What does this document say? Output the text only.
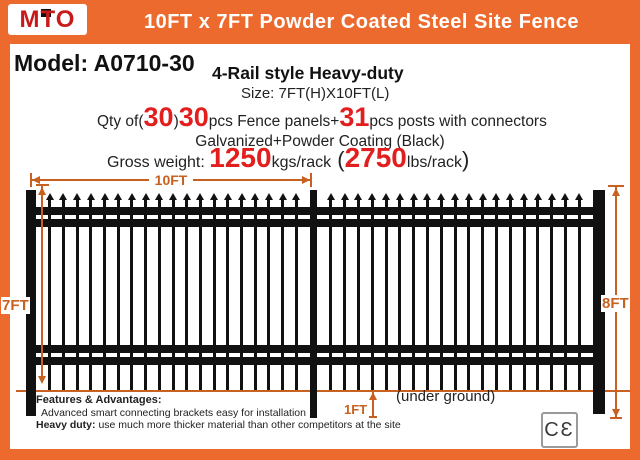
MTO	10FT x 7FT Powder Coated Steel Site Fence
Model: A0710-30 4-Rail style Heavy-duty
Size: 7FT(H)X10FT(L)
Qty of(30)30pcs Fence panels+31pcs posts with connectors
Galvanized+Powder Coating (Black)
Gross weight: 1250kgs/rack (2750lbs/rack)
10FT
7FT	8FT
1FT
(under ground)
Features & Advantages:
Advanced smart connecting brackets easy for installation
Heavy duty: use much more thicker material than other competitors at the site	CƐ
